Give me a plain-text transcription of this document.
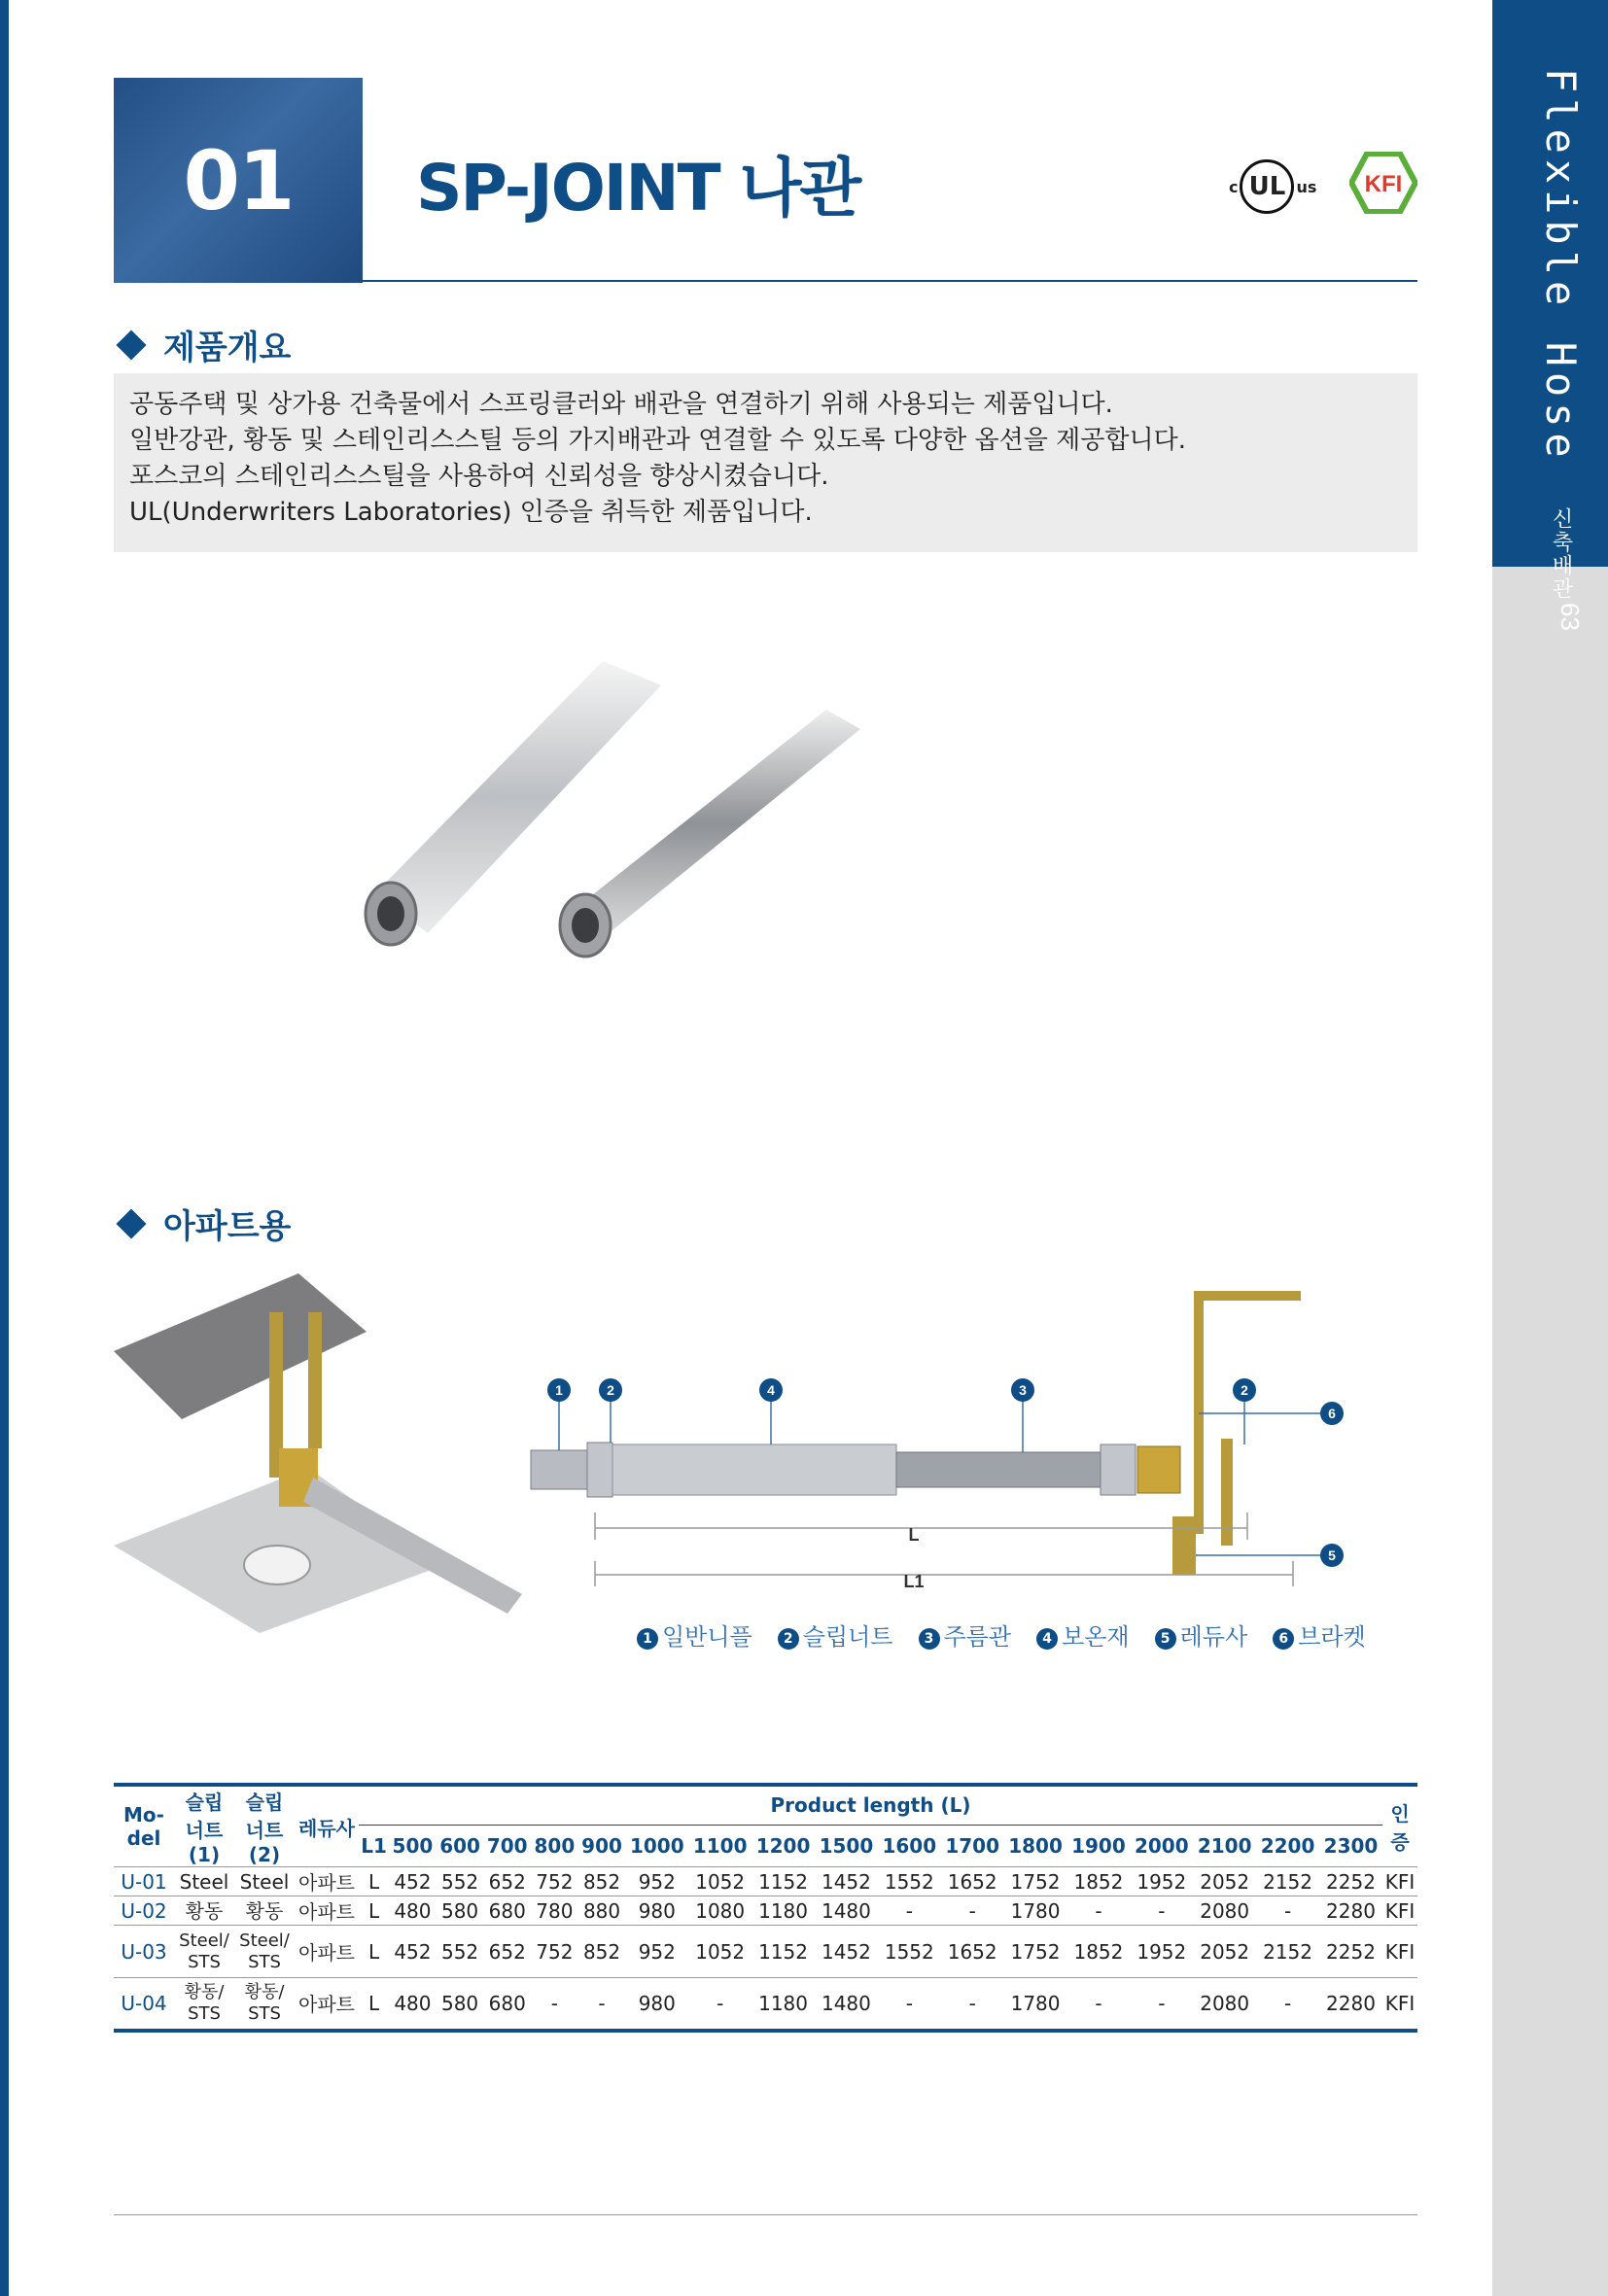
Flexible Hose 신축배관
63
01 SP-JOINT 나관	c UL us KFI
제품개요
공동주택 및 상가용 건축물에서 스프링클러와 배관을 연결하기 위해 사용되는 제품입니다.
일반강관, 황동 및 스테인리스스틸 등의 가지배관과 연결할 수 있도록 다양한 옵션을 제공합니다.
포스코의 스테인리스스틸을 사용하여 신뢰성을 향상시켰습니다.
UL(Underwriters Laboratories) 인증을 취득한 제품입니다.
아파트용
1	2	4	3	2
6
5
L
L1
1 일반니플	2 슬립너트	3 주름관	4 보온재	5 레듀사	6 브라켓
Mo-del	슬립 너트 (1)	슬립 너트 (2)	레듀사	Product length (L)																		인증
				L1	500	600	700	800	900	1000	1100	1200	1500	1600	1700	1800	1900	2000	2100	2200	2300	
U-01	Steel	Steel	아파트	L	452	552	652	752	852	952	1052	1152	1452	1552	1652	1752	1852	1952	2052	2152	2252	KFI
U-02	황동	황동	아파트	L	480	580	680	780	880	980	1080	1180	1480	-	-	1780	-	-	2080	-	2280	KFI
U-03	Steel/ STS	Steel/ STS	아파트	L	452	552	652	752	852	952	1052	1152	1452	1552	1652	1752	1852	1952	2052	2152	2252	KFI
U-04	황동/ STS	황동/ STS	아파트	L	480	580	680	-	-	980	-	1180	1480	-	-	1780	-	-	2080	-	2280	KFI
